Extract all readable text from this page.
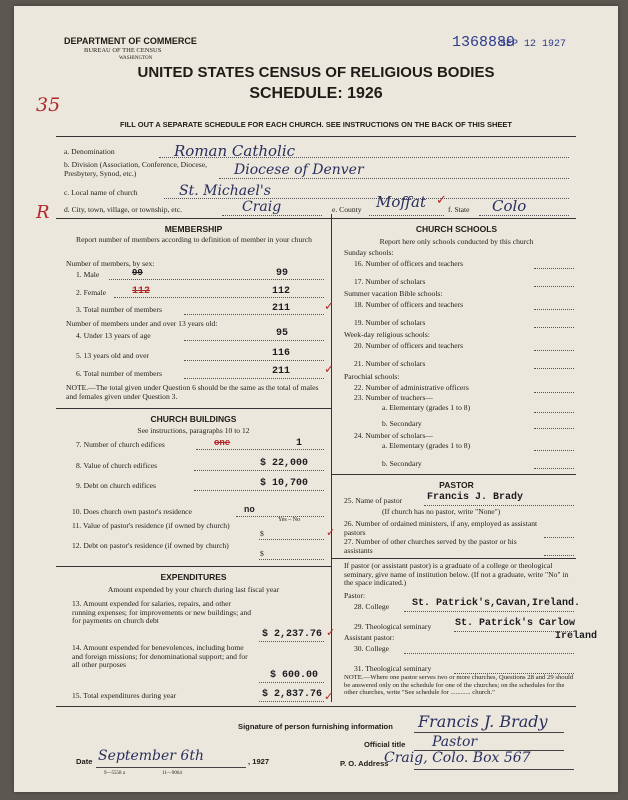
DEPARTMENT OF COMMERCE
BUREAU OF THE CENSUS
WASHINGTON
1368889
SEP 12 1927
UNITED STATES CENSUS OF RELIGIOUS BODIES
SCHEDULE: 1926
35
FILL OUT A SEPARATE SCHEDULE FOR EACH CHURCH. SEE INSTRUCTIONS ON THE BACK OF THIS SHEET
a. Denomination	Roman Catholic
b. Division (Association, Conference, Diocese, Presbytery, Synod, etc.)	Diocese of Denver
c. Local name of church	St. Michael's
R d. City, town, village, or township, etc.	Craig	e. County Moffat	f. State Colo
MEMBERSHIP
Report number of members according to definition of member in your church
Number of members, by sex:
1. Male	99	99
2. Female	112	112
3. Total number of members	211
Number of members under and over 13 years old:
4. Under 13 years of age	95
5. 13 years old and over	116
6. Total number of members	211
NOTE.—The total given under Question 6 should be the same as the total of males and females given under Question 3.
CHURCH BUILDINGS
See instructions, paragraphs 10 to 12
7. Number of church edifices	one	1
8. Value of church edifices	$ 22,000
9. Debt on church edifices	$ 10,700
10. Does church own pastor's residence	no
Yes – No
11. Value of pastor's residence (if owned by church)
$
12. Debt on pastor's residence (if owned by church)
$
EXPENDITURES
Amount expended by your church during last fiscal year
13. Amount expended for salaries, repairs, and other running expenses; for improvements or new buildings; and for payments on church debt
$ 2,237.76
14. Amount expended for benevolences, including home and foreign missions; for denominational support; and for all other purposes
$ 600.00
15. Total expenditures during year	$ 2,837.76
CHURCH SCHOOLS
Report here only schools conducted by this church
Sunday schools:
16. Number of officers and teachers
17. Number of scholars
Summer vacation Bible schools:
18. Number of officers and teachers
19. Number of scholars
Week-day religious schools:
20. Number of officers and teachers
21. Number of scholars
Parochial schools:
22. Number of administrative officers
23. Number of teachers—
a. Elementary (grades 1 to 8)
b. Secondary
24. Number of scholars—
a. Elementary (grades 1 to 8)
b. Secondary
PASTOR
25. Name of pastor Francis J. Brady
(If church has no pastor, write "None")
26. Number of ordained ministers, if any, employed as assistant pastors
27. Number of other churches served by the pastor or his assistants
If pastor (or assistant pastor) is a graduate of a college or theological seminary, give name of institution below. (If not a graduate, write "No" in the space indicated.)
Pastor:
28. College St. Patrick's,Cavan,Ireland.
29. Theological seminary St. Patrick's Carlow
Ireland
Assistant pastor:
30. College
31. Theological seminary
NOTE.—Where one pastor serves two or more churches, Questions 28 and 29 should be answered only on the schedule for one of the churches; on the schedules for the other churches, write "See schedule for ............ church."
Signature of person furnishing information Francis J. Brady
Official title Pastor
Date September 6th	, 1927
9—5558 a	11—9064
P. O. Address
Craig, Colo. Box 567
✓
✓
✓
✓
✓
✓
